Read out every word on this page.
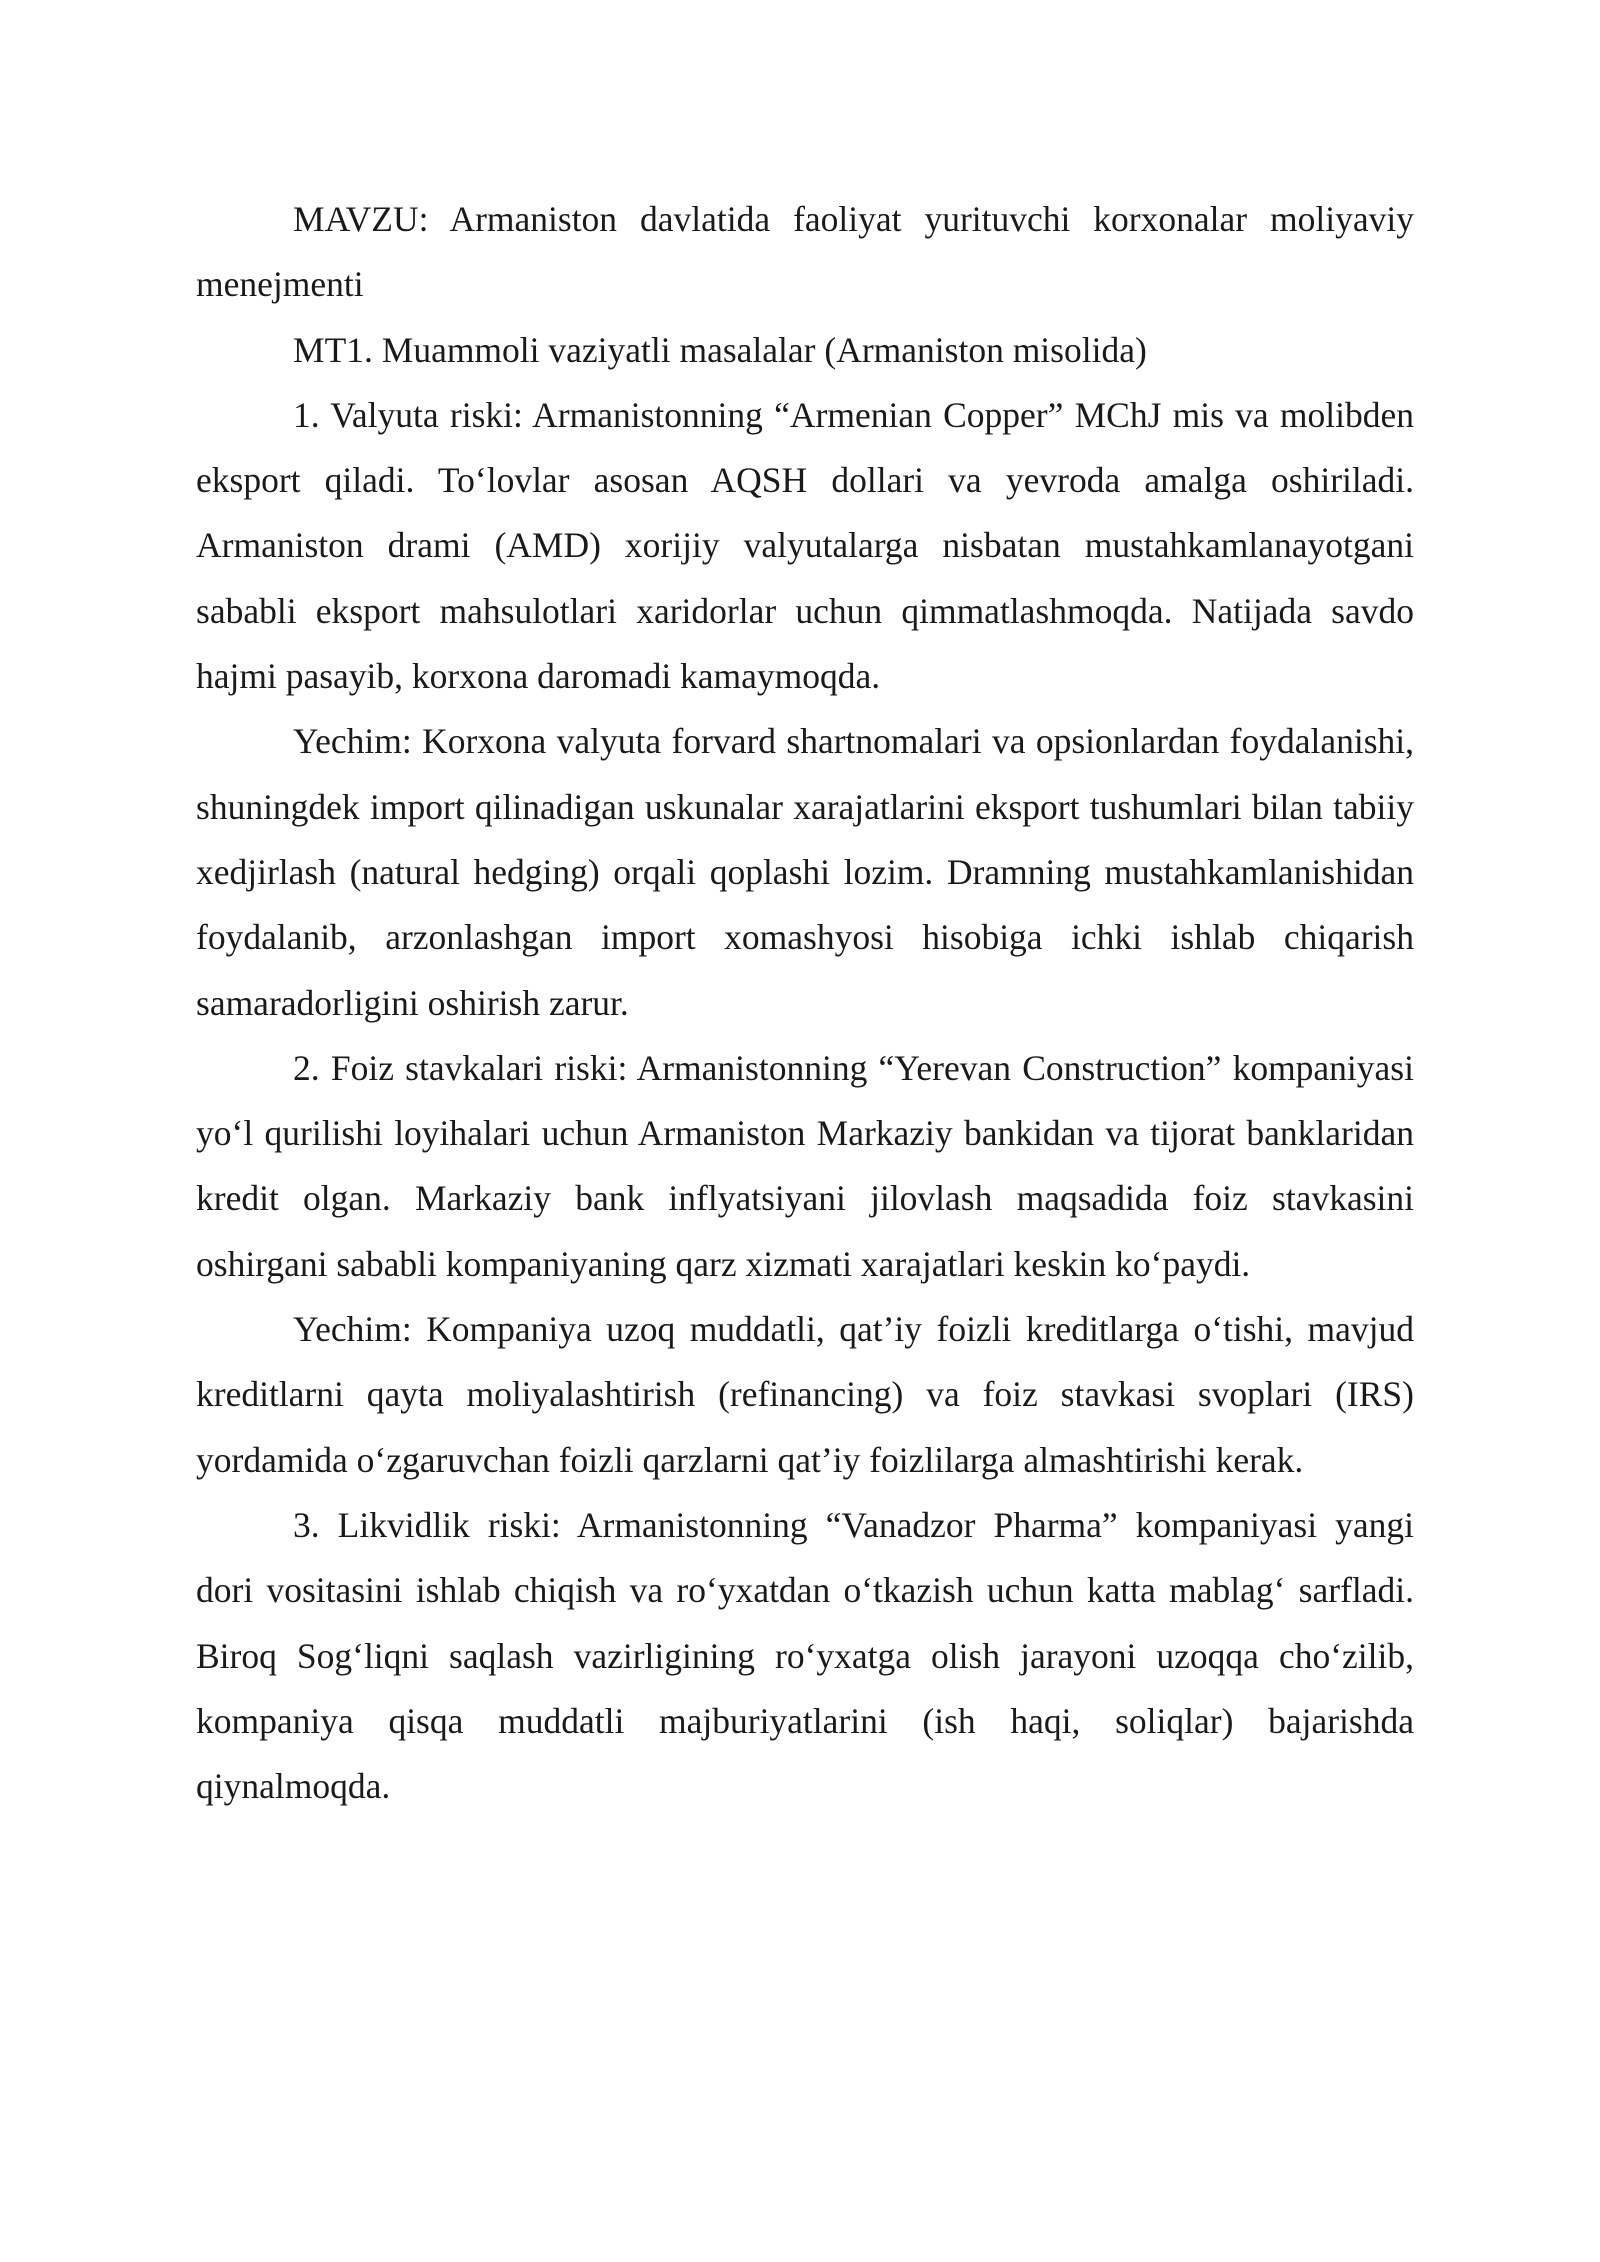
MAVZU: Armaniston davlatida faoliyat yurituvchi korxonalar moliyaviy menejmenti

MT1. Muammoli vaziyatli masalalar (Armaniston misolida)

1. Valyuta riski: Armanistonning “Armenian Copper” MChJ mis va molibden eksport qiladi. To‘lovlar asosan AQSH dollari va yevroda amalga oshiriladi. Armaniston drami (AMD) xorijiy valyutalarga nisbatan mustahkamlanayotgani sababli eksport mahsulotlari xaridorlar uchun qimmatlashmoqda. Natijada savdo hajmi pasayib, korxona daromadi kamaymoqda.

Yechim: Korxona valyuta forvard shartnomalari va opsionlardan foydalanishi, shuningdek import qilinadigan uskunalar xarajatlarini eksport tushumlari bilan tabiiy xedjirlash (natural hedging) orqali qoplashi lozim. Dramning mustahkamlanishidan foydalanib, arzonlashgan import xomashyosi hisobiga ichki ishlab chiqarish samaradorligini oshirish zarur.

2. Foiz stavkalari riski: Armanistonning “Yerevan Construction” kompaniyasi yo‘l qurilishi loyihalari uchun Armaniston Markaziy bankidan va tijorat banklaridan kredit olgan. Markaziy bank inflyatsiyani jilovlash maqsadida foiz stavkasini oshirgani sababli kompaniyaning qarz xizmati xarajatlari keskin ko‘paydi.

Yechim: Kompaniya uzoq muddatli, qat’iy foizli kreditlarga o‘tishi, mavjud kreditlarni qayta moliyalashtirish (refinancing) va foiz stavkasi svoplari (IRS) yordamida o‘zgaruvchan foizli qarzlarni qat’iy foizlilarga almashtirishi kerak.

3. Likvidlik riski: Armanistonning “Vanadzor Pharma” kompaniyasi yangi dori vositasini ishlab chiqish va ro‘yxatdan o‘tkazish uchun katta mablag‘ sarfladi. Biroq Sog‘liqni saqlash vazirligining ro‘yxatga olish jarayoni uzoqqa cho‘zilib, kompaniya qisqa muddatli majburiyatlarini (ish haqi, soliqlar) bajarishda qiynalmoqda.
